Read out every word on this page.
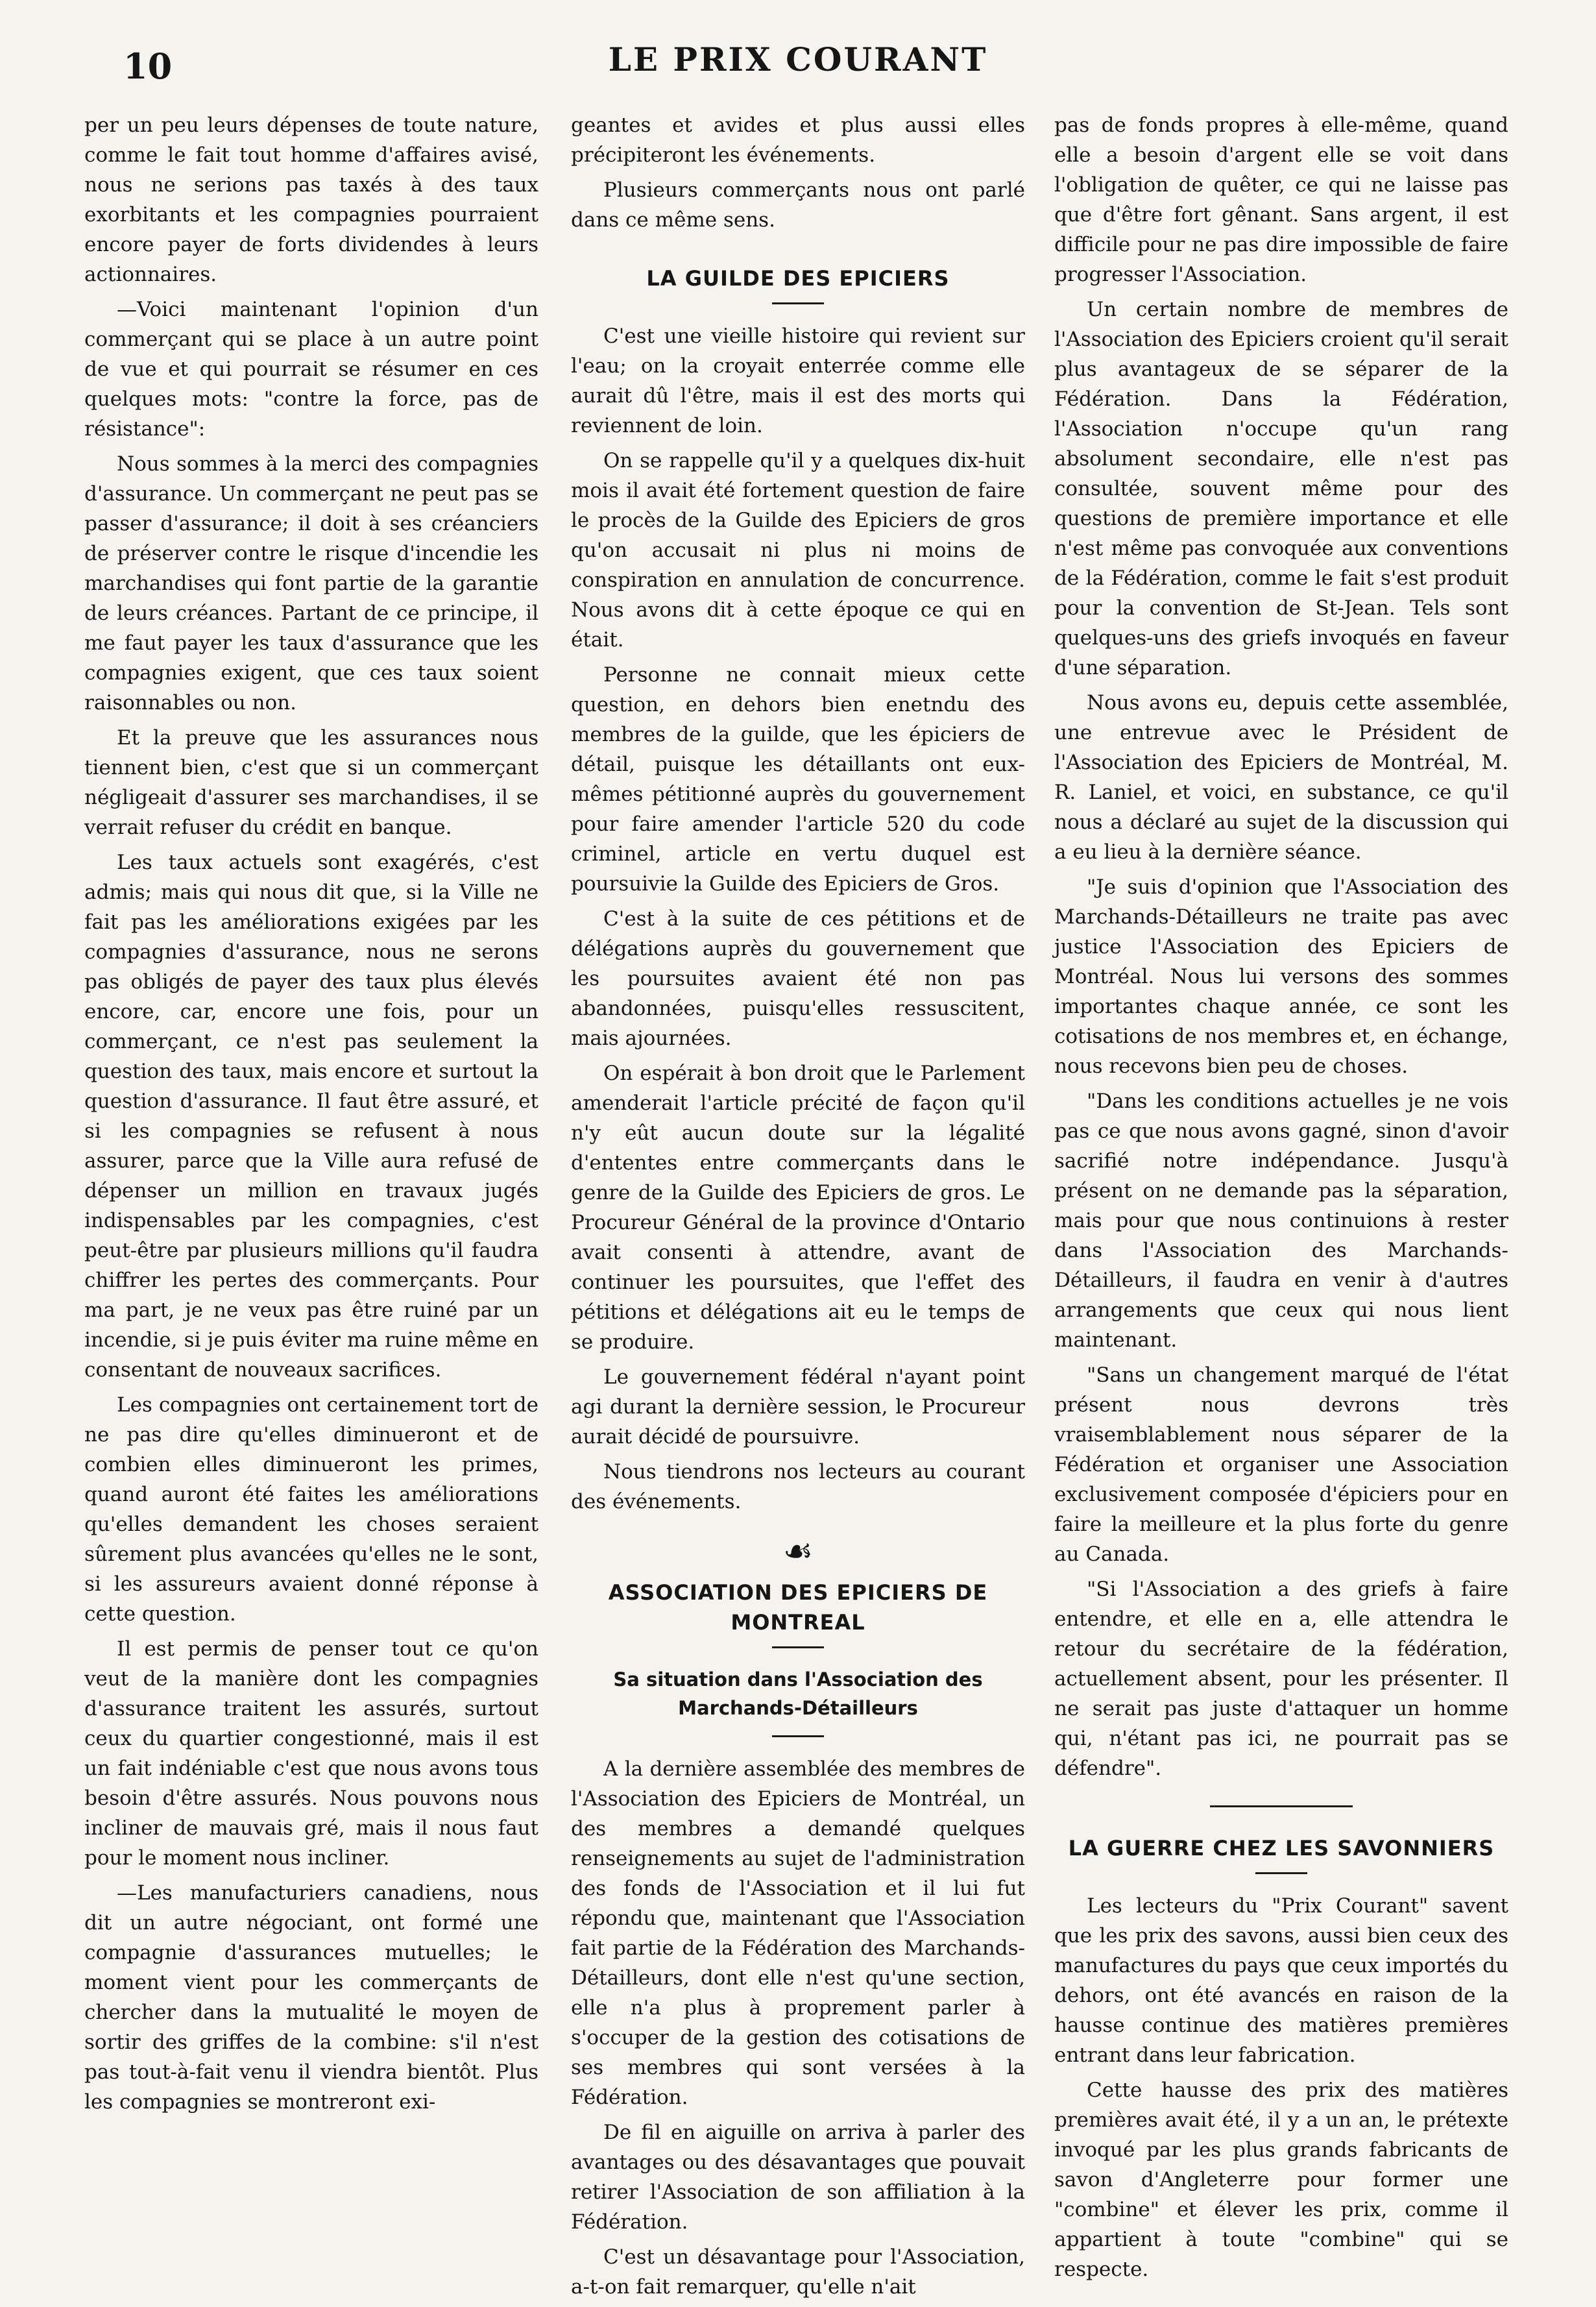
10	LE PRIX COURANT

per un peu leurs dépenses de toute nature, comme le fait tout homme d'affaires avisé, nous ne serions pas taxés à des taux exorbitants et les compagnies pourraient encore payer de forts dividendes à leurs actionnaires.

—Voici maintenant l'opinion d'un commerçant qui se place à un autre point de vue et qui pourrait se résumer en ces quelques mots: "contre la force, pas de résistance":

Nous sommes à la merci des compagnies d'assurance. Un commerçant ne peut pas se passer d'assurance; il doit à ses créanciers de préserver contre le risque d'incendie les marchandises qui font partie de la garantie de leurs créances. Partant de ce principe, il me faut payer les taux d'assurance que les compagnies exigent, que ces taux soient raisonnables ou non.

Et la preuve que les assurances nous tiennent bien, c'est que si un commerçant négligeait d'assurer ses marchandises, il se verrait refuser du crédit en banque.

Les taux actuels sont exagérés, c'est admis; mais qui nous dit que, si la Ville ne fait pas les améliorations exigées par les compagnies d'assurance, nous ne serons pas obligés de payer des taux plus élevés encore, car, encore une fois, pour un commerçant, ce n'est pas seulement la question des taux, mais encore et surtout la question d'assurance. Il faut être assuré, et si les compagnies se refusent à nous assurer, parce que la Ville aura refusé de dépenser un million en travaux jugés indispensables par les compagnies, c'est peut-être par plusieurs millions qu'il faudra chiffrer les pertes des commerçants. Pour ma part, je ne veux pas être ruiné par un incendie, si je puis éviter ma ruine même en consentant de nouveaux sacrifices.

Les compagnies ont certainement tort de ne pas dire qu'elles diminueront et de combien elles diminueront les primes, quand auront été faites les améliorations qu'elles demandent les choses seraient sûrement plus avancées qu'elles ne le sont, si les assureurs avaient donné réponse à cette question.

Il est permis de penser tout ce qu'on veut de la manière dont les compagnies d'assurance traitent les assurés, surtout ceux du quartier congestionné, mais il est un fait indéniable c'est que nous avons tous besoin d'être assurés. Nous pouvons nous incliner de mauvais gré, mais il nous faut pour le moment nous incliner.

—Les manufacturiers canadiens, nous dit un autre négociant, ont formé une compagnie d'assurances mutuelles; le moment vient pour les commerçants de chercher dans la mutualité le moyen de sortir des griffes de la combine: s'il n'est pas tout-à-fait venu il viendra bientôt. Plus les compagnies se montreront exi-

geantes et avides et plus aussi elles précipiteront les événements.

Plusieurs commerçants nous ont parlé dans ce même sens.

LA GUILDE DES EPICIERS

C'est une vieille histoire qui revient sur l'eau; on la croyait enterrée comme elle aurait dû l'être, mais il est des morts qui reviennent de loin.

On se rappelle qu'il y a quelques dix-huit mois il avait été fortement question de faire le procès de la Guilde des Epiciers de gros qu'on accusait ni plus ni moins de conspiration en annulation de concurrence. Nous avons dit à cette époque ce qui en était.

Personne ne connait mieux cette question, en dehors bien enetndu des membres de la guilde, que les épiciers de détail, puisque les détaillants ont eux-mêmes pétitionné auprès du gouvernement pour faire amender l'article 520 du code criminel, article en vertu duquel est poursuivie la Guilde des Epiciers de Gros.

C'est à la suite de ces pétitions et de délégations auprès du gouvernement que les poursuites avaient été non pas abandonnées, puisqu'elles ressuscitent, mais ajournées.

On espérait à bon droit que le Parlement amenderait l'article précité de façon qu'il n'y eût aucun doute sur la légalité d'ententes entre commerçants dans le genre de la Guilde des Epiciers de gros. Le Procureur Général de la province d'Ontario avait consenti à attendre, avant de continuer les poursuites, que l'effet des pétitions et délégations ait eu le temps de se produire.

Le gouvernement fédéral n'ayant point agi durant la dernière session, le Procureur aurait décidé de poursuivre.

Nous tiendrons nos lecteurs au courant des événements.

☙
ASSOCIATION DES EPICIERS DE MONTREAL
Sa situation dans l'Association des Marchands-Détailleurs

A la dernière assemblée des membres de l'Association des Epiciers de Montréal, un des membres a demandé quelques renseignements au sujet de l'administration des fonds de l'Association et il lui fut répondu que, maintenant que l'Association fait partie de la Fédération des Marchands-Détailleurs, dont elle n'est qu'une section, elle n'a plus à proprement parler à s'occuper de la gestion des cotisations de ses membres qui sont versées à la Fédération.

De fil en aiguille on arriva à parler des avantages ou des désavantages que pouvait retirer l'Association de son affiliation à la Fédération.

C'est un désavantage pour l'Association, a-t-on fait remarquer, qu'elle n'ait

pas de fonds propres à elle-même, quand elle a besoin d'argent elle se voit dans l'obligation de quêter, ce qui ne laisse pas que d'être fort gênant. Sans argent, il est difficile pour ne pas dire impossible de faire progresser l'Association.

Un certain nombre de membres de l'Association des Epiciers croient qu'il serait plus avantageux de se séparer de la Fédération. Dans la Fédération, l'Association n'occupe qu'un rang absolument secondaire, elle n'est pas consultée, souvent même pour des questions de première importance et elle n'est même pas convoquée aux conventions de la Fédération, comme le fait s'est produit pour la convention de St-Jean. Tels sont quelques-uns des griefs invoqués en faveur d'une séparation.

Nous avons eu, depuis cette assemblée, une entrevue avec le Président de l'Association des Epiciers de Montréal, M. R. Laniel, et voici, en substance, ce qu'il nous a déclaré au sujet de la discussion qui a eu lieu à la dernière séance.

"Je suis d'opinion que l'Association des Marchands-Détailleurs ne traite pas avec justice l'Association des Epiciers de Montréal. Nous lui versons des sommes importantes chaque année, ce sont les cotisations de nos membres et, en échange, nous recevons bien peu de choses.

"Dans les conditions actuelles je ne vois pas ce que nous avons gagné, sinon d'avoir sacrifié notre indépendance. Jusqu'à présent on ne demande pas la séparation, mais pour que nous continuions à rester dans l'Association des Marchands-Détailleurs, il faudra en venir à d'autres arrangements que ceux qui nous lient maintenant.

"Sans un changement marqué de l'état présent nous devrons très vraisemblablement nous séparer de la Fédération et organiser une Association exclusivement composée d'épiciers pour en faire la meilleure et la plus forte du genre au Canada.

"Si l'Association a des griefs à faire entendre, et elle en a, elle attendra le retour du secrétaire de la fédération, actuellement absent, pour les présenter. Il ne serait pas juste d'attaquer un homme qui, n'étant pas ici, ne pourrait pas se défendre".

LA GUERRE CHEZ LES SAVONNIERS

Les lecteurs du "Prix Courant" savent que les prix des savons, aussi bien ceux des manufactures du pays que ceux importés du dehors, ont été avancés en raison de la hausse continue des matières premières entrant dans leur fabrication.

Cette hausse des prix des matières premières avait été, il y a un an, le prétexte invoqué par les plus grands fabricants de savon d'Angleterre pour former une "combine" et élever les prix, comme il appartient à toute "combine" qui se respecte.
